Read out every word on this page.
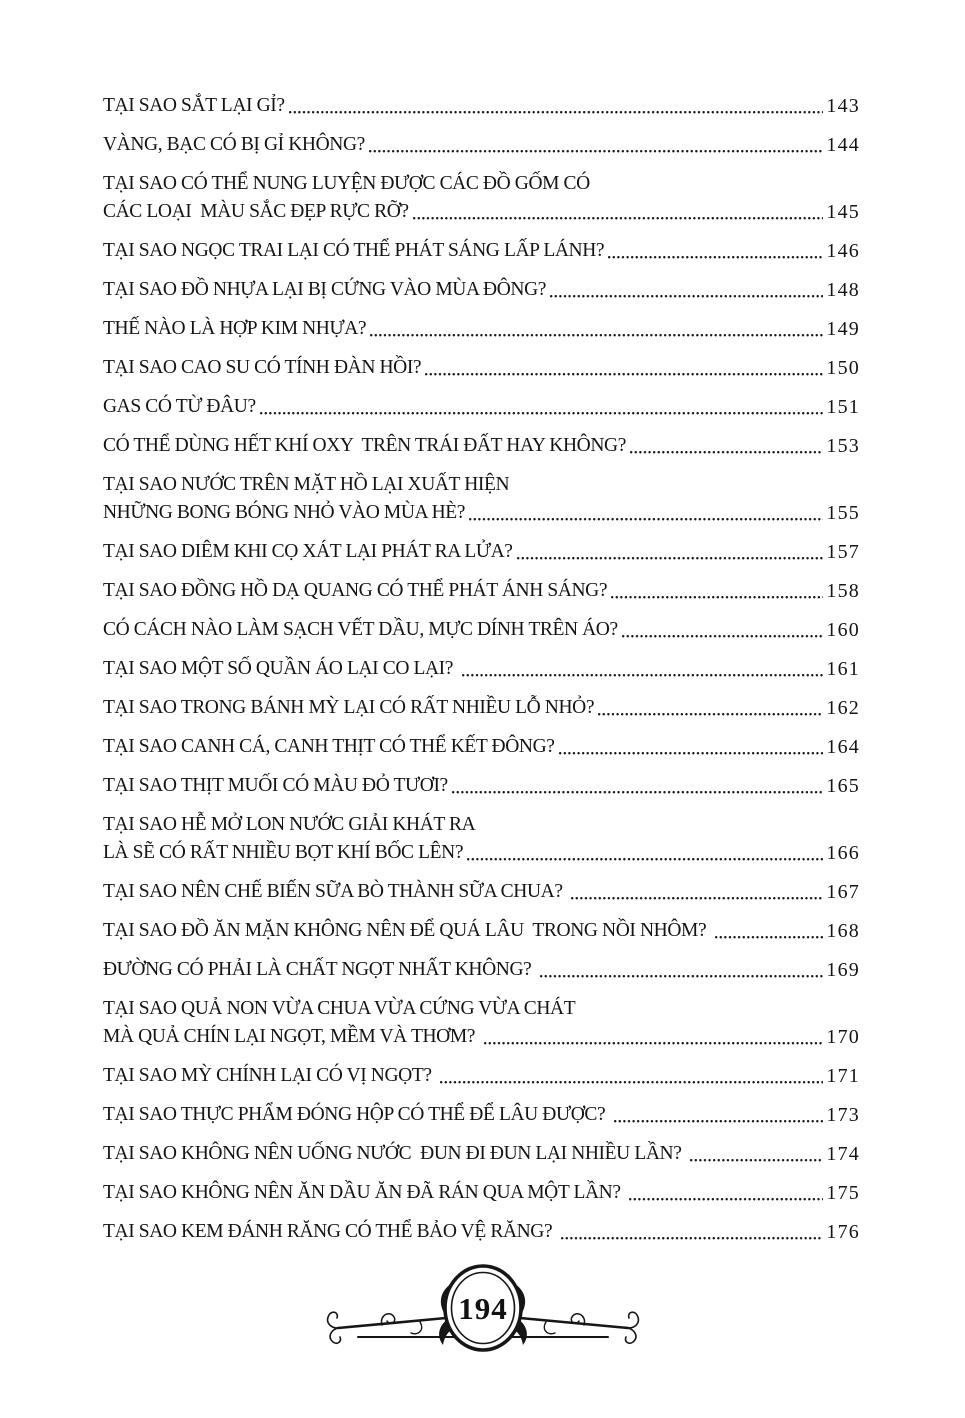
TẠI SAO SẮT LẠI GỈ?	143
VÀNG, BẠC CÓ BỊ GỈ KHÔNG?	144
TẠI SAO CÓ THỂ NUNG LUYỆN ĐƯỢC CÁC ĐỒ GỐM CÓ
CÁC LOẠI  MÀU SẮC ĐẸP RỰC RỠ?	145
TẠI SAO NGỌC TRAI LẠI CÓ THỂ PHÁT SÁNG LẤP LÁNH?	146
TẠI SAO ĐỒ NHỰA LẠI BỊ CỨNG VÀO MÙA ĐÔNG?	148
THẾ NÀO LÀ HỢP KIM NHỰA?	149
TẠI SAO CAO SU CÓ TÍNH ĐÀN HỒI?	150
GAS CÓ TỪ ĐÂU?	151
CÓ THỂ DÙNG HẾT KHÍ OXY  TRÊN TRÁI ĐẤT HAY KHÔNG?	153
TẠI SAO NƯỚC TRÊN MẶT HỒ LẠI XUẤT HIỆN
NHỮNG BONG BÓNG NHỎ VÀO MÙA HÈ?	155
TẠI SAO DIÊM KHI CỌ XÁT LẠI PHÁT RA LỬA?	157
TẠI SAO ĐỒNG HỒ DẠ QUANG CÓ THỂ PHÁT ÁNH SÁNG?	158
CÓ CÁCH NÀO LÀM SẠCH VẾT DẦU, MỰC DÍNH TRÊN ÁO?	160
TẠI SAO MỘT SỐ QUẦN ÁO LẠI CO LẠI?	161
TẠI SAO TRONG BÁNH MỲ LẠI CÓ RẤT NHIỀU LỖ NHỎ?	162
TẠI SAO CANH CÁ, CANH THỊT CÓ THỂ KẾT ĐÔNG?	164
TẠI SAO THỊT MUỐI CÓ MÀU ĐỎ TƯƠI?	165
TẠI SAO HỄ MỞ LON NƯỚC GIẢI KHÁT RA
LÀ SẼ CÓ RẤT NHIỀU BỌT KHÍ BỐC LÊN?	166
TẠI SAO NÊN CHẾ BIẾN SỮA BÒ THÀNH SỮA CHUA?	167
TẠI SAO ĐỒ ĂN MẶN KHÔNG NÊN ĐỂ QUÁ LÂU  TRONG NỒI NHÔM?	168
ĐƯỜNG CÓ PHẢI LÀ CHẤT NGỌT NHẤT KHÔNG?	169
TẠI SAO QUẢ NON VỪA CHUA VỪA CỨNG VỪA CHÁT
MÀ QUẢ CHÍN LẠI NGỌT, MỀM VÀ THƠM?	170
TẠI SAO MỲ CHÍNH LẠI CÓ VỊ NGỌT?	171
TẠI SAO THỰC PHẨM ĐÓNG HỘP CÓ THỂ ĐỂ LÂU ĐƯỢC?	173
TẠI SAO KHÔNG NÊN UỐNG NƯỚC  ĐUN ĐI ĐUN LẠI NHIỀU LẦN?	174
TẠI SAO KHÔNG NÊN ĂN DẦU ĂN ĐÃ RÁN QUA MỘT LẦN?	175
TẠI SAO KEM ĐÁNH RĂNG CÓ THỂ BẢO VỆ RĂNG?	176
194
